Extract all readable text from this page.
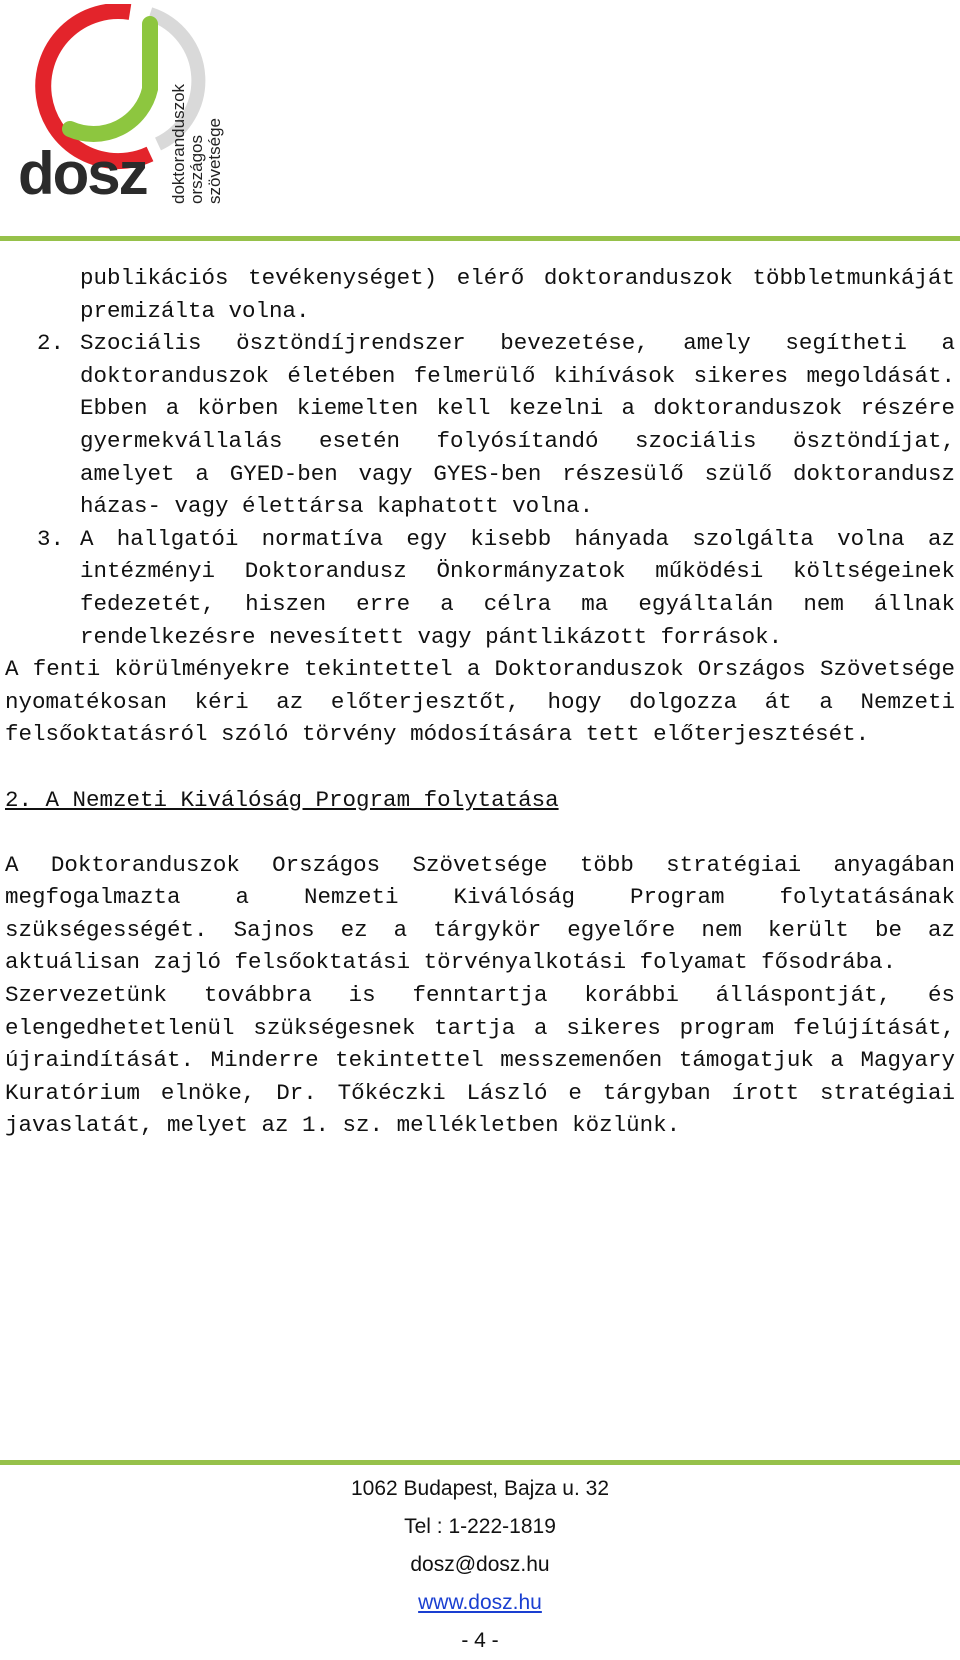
dosz doktoranduszok országos szövetsége

publikációs tevékenységet) elérő doktoranduszok többletmunkáját premizálta volna.

2. Szociális ösztöndíjrendszer bevezetése, amely segítheti a doktoranduszok életében felmerülő kihívások sikeres megoldását. Ebben a körben kiemelten kell kezelni a doktoranduszok részére gyermekvállalás esetén folyósítandó szociális ösztöndíjat, amelyet a GYED-ben vagy GYES-ben részesülő szülő doktorandusz házas- vagy élettársa kaphatott volna.
3. A hallgatói normatíva egy kisebb hányada szolgálta volna az intézményi Doktorandusz Önkormányzatok működési költségeinek fedezetét, hiszen erre a célra ma egyáltalán nem állnak rendelkezésre nevesített vagy pántlikázott források.

A fenti körülményekre tekintettel a Doktoranduszok Országos Szövetsége nyomatékosan kéri az előterjesztőt, hogy dolgozza át a Nemzeti felsőoktatásról szóló törvény módosítására tett előterjesztését.

2. A Nemzeti Kiválóság Program folytatása

A Doktoranduszok Országos Szövetsége több stratégiai anyagában megfogalmazta a Nemzeti Kiválóság Program folytatásának szükségességét. Sajnos ez a tárgykör egyelőre nem került be az aktuálisan zajló felsőoktatási törvényalkotási folyamat fősodrába.

Szervezetünk továbbra is fenntartja korábbi álláspontját, és elengedhetetlenül szükségesnek tartja a sikeres program felújítását, újraindítását. Minderre tekintettel messzemenően támogatjuk a Magyary Kuratórium elnöke, Dr. Tőkéczki László e tárgyban írott stratégiai javaslatát, melyet az 1. sz. mellékletben közlünk.

1062 Budapest, Bajza u. 32
Tel : 1-222-1819
dosz@dosz.hu
www.dosz.hu
- 4 -
